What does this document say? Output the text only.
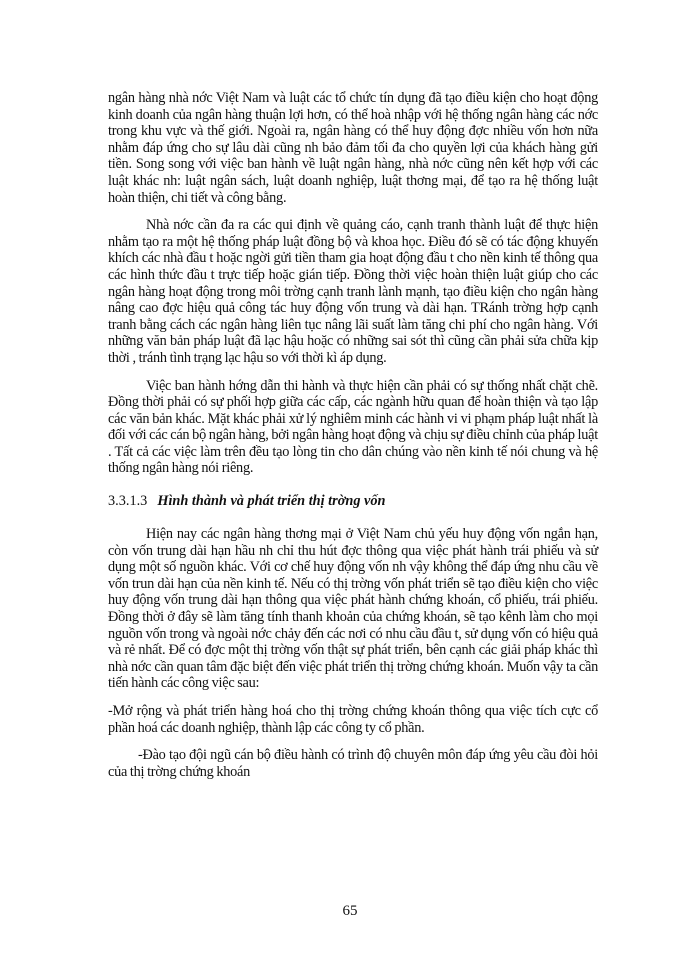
ngân hàng nhà nớc Việt Nam và luật các tổ chức tín dụng đã tạo điều kiện cho hoạt động kinh doanh của ngân hàng thuận lợi hơn, có thể hoà nhập với hệ thống ngân hàng các nớc trong khu vực và thế giới. Ngoài ra, ngân hàng có thể huy động đợc nhiều vốn hơn nữa nhằm đáp ứng cho sự lâu dài cũng nh bảo đảm tối đa cho quyền lợi của khách hàng gửi tiền. Song song với việc ban hành về luật ngân hàng, nhà nớc cũng nên kết hợp với các luật khác nh: luật ngân sách, luật doanh nghiệp, luật thơng mại, để tạo ra hệ thống luật hoàn thiện, chi tiết và công bằng.

Nhà nớc cần đa ra các qui định về quảng cáo, cạnh tranh thành luật để thực hiện nhằm tạo ra một hệ thống pháp luật đồng bộ và khoa học. Điều đó sẽ có tác động khuyến khích các nhà đầu t hoặc ngời gửi tiền tham gia hoạt động đầu t cho nền kinh tế thông qua các hình thức đầu t trực tiếp hoặc gián tiếp. Đồng thời việc hoàn thiện luật giúp cho các ngân hàng hoạt động trong môi trờng cạnh tranh lành mạnh, tạo điều kiện cho ngân hàng nâng cao đợc hiệu quả công tác huy động vốn trung và dài hạn. TRánh trờng hợp cạnh tranh bằng cách các ngân hàng liên tục nâng lãi suất làm tăng chi phí cho ngân hàng. Với những văn bản pháp luật đã lạc hậu hoặc có những sai sót thì cũng cần phải sửa chữa kịp thời , tránh tình trạng lạc hậu so với thời kì áp dụng.

Việc ban hành hớng dẫn thi hành và thực hiện cần phải có sự thống nhất chặt chẽ. Đồng thời phải có sự phối hợp giữa các cấp, các ngành hữu quan để hoàn thiện và tạo lập các văn bản khác. Mặt khác phải xử lý nghiêm minh các hành vi vi phạm pháp luật nhất là đối với các cán bộ ngân hàng, bởi ngân hàng hoạt động và chịu sự điều chỉnh của pháp luật . Tất cả các việc làm trên đều tạo lòng tin cho dân chúng vào nền kinh tế nói chung và hệ thống ngân hàng nói riêng.

3.3.1.3 Hình thành và phát triển thị trờng vốn

Hiện nay các ngân hàng thơng mại ở Việt Nam chủ yếu huy động vốn ngắn hạn, còn vốn trung dài hạn hầu nh chỉ thu hút đợc thông qua việc phát hành trái phiếu và sử dụng một số nguồn khác. Với cơ chế huy động vốn nh vậy không thể đáp ứng nhu cầu về vốn trun dài hạn của nền kinh tế. Nếu có thị trờng vốn phát triển sẽ tạo điều kiện cho việc huy động vốn trung dài hạn thông qua việc phát hành chứng khoán, cổ phiếu, trái phiếu. Đồng thời ở đây sẽ làm tăng tính thanh khoản của chứng khoán, sẽ tạo kênh làm cho mọi nguồn vốn trong và ngoài nớc chảy đến các nơi có nhu cầu đầu t, sử dụng vốn có hiệu quả và rẻ nhất. Để có đợc một thị trờng vốn thật sự phát triển, bên cạnh các giải pháp khác thì nhà nớc cần quan tâm đặc biệt đến việc phát triển thị trờng chứng khoán. Muốn vậy ta cần tiến hành các công việc sau:

-Mở rộng và phát triển hàng hoá cho thị trờng chứng khoán thông qua việc tích cực cổ phần hoá các doanh nghiệp, thành lập các công ty cổ phần.

-Đào tạo đội ngũ cán bộ điều hành có trình độ chuyên môn đáp ứng yêu cầu đòi hỏi của thị trờng chứng khoán

65
